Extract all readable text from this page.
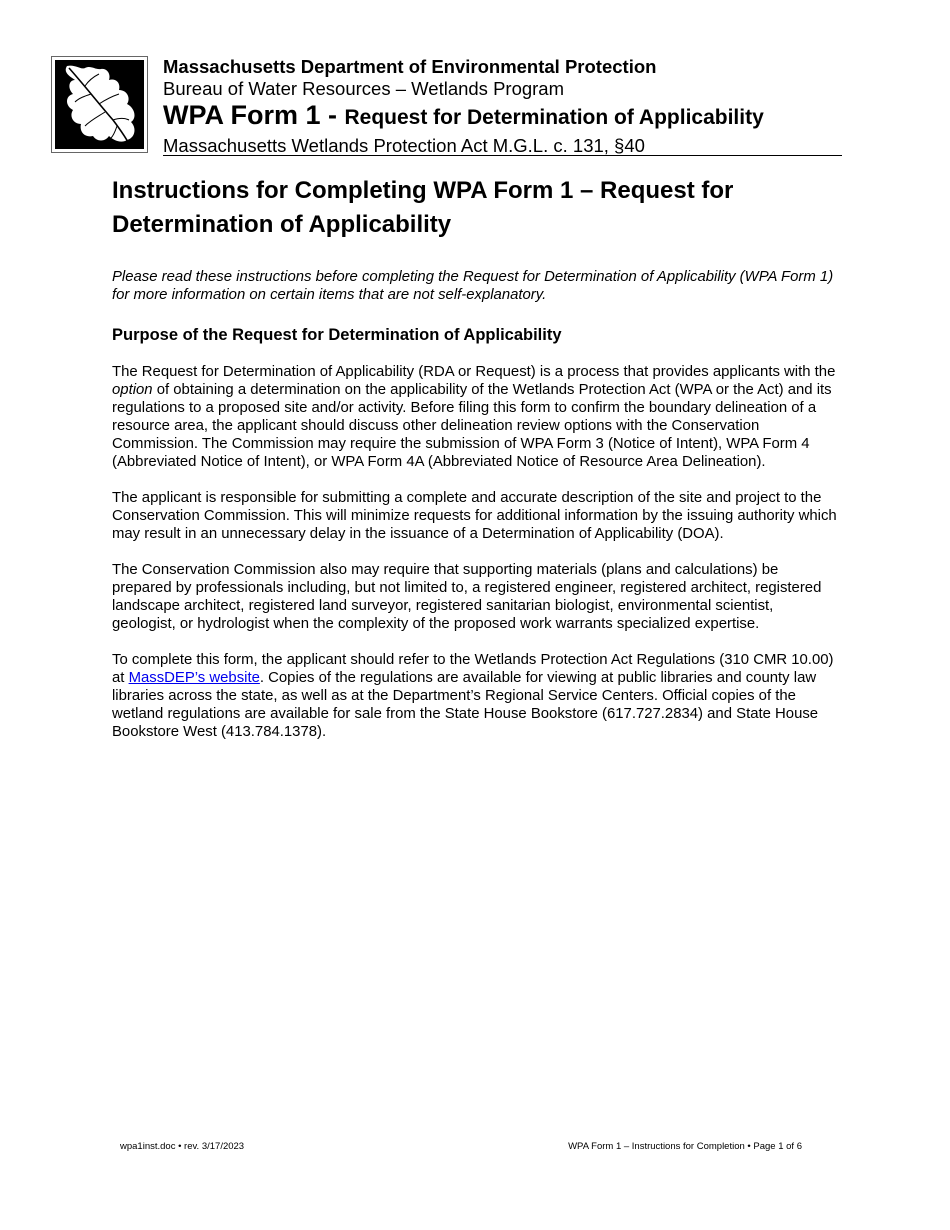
Massachusetts Department of Environmental Protection
Bureau of Water Resources – Wetlands Program
WPA Form 1 - Request for Determination of Applicability
Massachusetts Wetlands Protection Act M.G.L. c. 131, §40
Instructions for Completing WPA Form 1 – Request for Determination of Applicability

Please read these instructions before completing the Request for Determination of Applicability (WPA Form 1) for more information on certain items that are not self-explanatory.

Purpose of the Request for Determination of Applicability

The Request for Determination of Applicability (RDA or Request) is a process that provides applicants with the option of obtaining a determination on the applicability of the Wetlands Protection Act (WPA or the Act) and its regulations to a proposed site and/or activity. Before filing this form to confirm the boundary delineation of a resource area, the applicant should discuss other delineation review options with the Conservation Commission. The Commission may require the submission of WPA Form 3 (Notice of Intent), WPA Form 4 (Abbreviated Notice of Intent), or WPA Form 4A (Abbreviated Notice of Resource Area Delineation).

The applicant is responsible for submitting a complete and accurate description of the site and project to the Conservation Commission. This will minimize requests for additional information by the issuing authority which may result in an unnecessary delay in the issuance of a Determination of Applicability (DOA).

The Conservation Commission also may require that supporting materials (plans and calculations) be prepared by professionals including, but not limited to, a registered engineer, registered architect, registered landscape architect, registered land surveyor, registered sanitarian biologist, environmental scientist, geologist, or hydrologist when the complexity of the proposed work warrants specialized expertise.

To complete this form, the applicant should refer to the Wetlands Protection Act Regulations (310 CMR 10.00) at MassDEP’s website. Copies of the regulations are available for viewing at public libraries and county law libraries across the state, as well as at the Department’s Regional Service Centers. Official copies of the wetland regulations are available for sale from the State House Bookstore (617.727.2834) and State House Bookstore West (413.784.1378).

wpa1inst.doc • rev. 3/17/2023	WPA Form 1 – Instructions for Completion • Page 1 of 6
